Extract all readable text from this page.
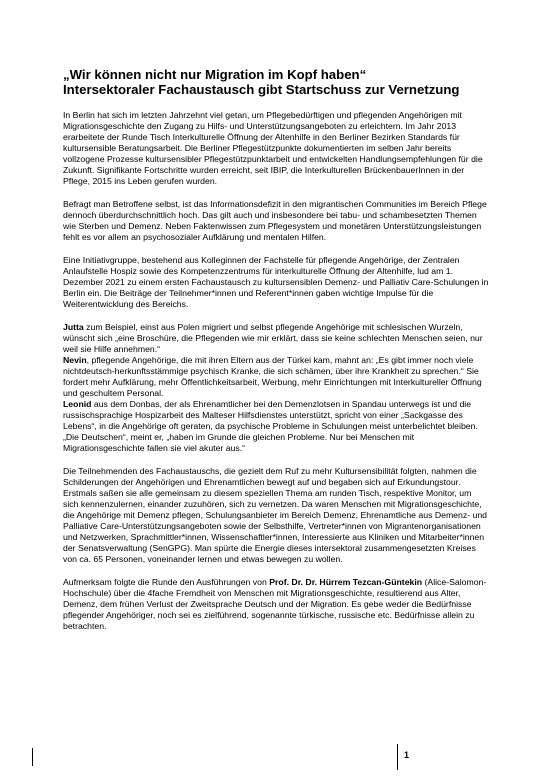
„Wir können nicht nur Migration im Kopf haben“
Intersektoraler Fachaustausch gibt Startschuss zur Vernetzung

In Berlin hat sich im letzten Jahrzehnt viel getan, um Pflegebedürftigen und pflegenden Angehörigen mit Migrationsgeschichte den Zugang zu Hilfs- und Unterstützungsangeboten zu erleichtern. Im Jahr 2013 erarbeitete der Runde Tisch Interkulturelle Öffnung der Altenhilfe in den Berliner Bezirken Standards für kultursensible Beratungsarbeit. Die Berliner Pflegestützpunkte dokumentierten im selben Jahr bereits vollzogene Prozesse kultursensibler Pflegestützpunktarbeit und entwickelten Handlungsempfehlungen für die Zukunft. Signifikante Fortschritte wurden erreicht, seit IBIP, die Interkulturellen BrückenbauerInnen in der Pflege, 2015 ins Leben gerufen wurden.

Befragt man Betroffene selbst, ist das Informationsdefizit in den migrantischen Communities im Bereich Pflege dennoch überdurchschnittlich hoch. Das gilt auch und insbesondere bei tabu- und schambesetzten Themen wie Sterben und Demenz. Neben Faktenwissen zum Pflegesystem und monetären Unterstützungsleistungen fehlt es vor allem an psychosozialer Aufklärung und mentalen Hilfen.

Eine Initiativgruppe, bestehend aus Kolleginnen der Fachstelle für pflegende Angehörige, der Zentralen Anlaufstelle Hospiz sowie des Kompetenzzentrums für interkulturelle Öffnung der Altenhilfe, lud am 1. Dezember 2021 zu einem ersten Fachaustausch zu kultursensiblen Demenz- und Palliativ Care-Schulungen in Berlin ein. Die Beiträge der Teilnehmer*innen und Referent*innen gaben wichtige Impulse für die Weiterentwicklung des Bereichs.

Jutta zum Beispiel, einst aus Polen migriert und selbst pflegende Angehörige mit schlesischen Wurzeln, wünscht sich „eine Broschüre, die Pflegenden wie mir erklärt, dass sie keine schlechten Menschen seien, nur weil sie Hilfe annehmen.“
Nevin, pflegende Angehörige, die mit ihren Eltern aus der Türkei kam, mahnt an: „Es gibt immer noch viele nichtdeutsch-herkunftsstämmige psychisch Kranke, die sich schämen, über ihre Krankheit zu sprechen.“ Sie fordert mehr Aufklärung, mehr Öffentlichkeitsarbeit, Werbung, mehr Einrichtungen mit Interkultureller Öffnung und geschultem Personal.
Leonid aus dem Donbas, der als Ehrenamtlicher bei den Demenzlotsen in Spandau unterwegs ist und die russischsprachige Hospizarbeit des Malteser Hilfsdienstes unterstützt, spricht von einer „Sackgasse des Lebens“, in die Angehörige oft geraten, da psychische Probleme in Schulungen meist unterbelichtet bleiben. „Die Deutschen“, meint er, „haben im Grunde die gleichen Probleme. Nur bei Menschen mit Migrationsgeschichte fallen sie viel akuter aus.“

Die Teilnehmenden des Fachaustauschs, die gezielt dem Ruf zu mehr Kultursensibilität folgten, nahmen die Schilderungen der Angehörigen und Ehrenamtlichen bewegt auf und begaben sich auf Erkundungstour. Erstmals saßen sie alle gemeinsam zu diesem speziellen Thema am runden Tisch, respektive Monitor, um sich kennenzulernen, einander zuzuhören, sich zu vernetzen. Da waren Menschen mit Migrationsgeschichte, die Angehörige mit Demenz pflegen, Schulungsanbieter im Bereich Demenz, Ehrenamtliche aus Demenz- und Palliative Care-Unterstützungsangeboten sowie der Selbsthilfe, Vertreter*innen von Migrantenorganisationen und Netzwerken, Sprachmittler*innen, Wissenschaftler*innen, Interessierte aus Kliniken und Mitarbeiter*innen der Senatsverwaltung (SenGPG). Man spürte die Energie dieses intersektoral zusammengesetzten Kreises von ca. 65 Personen, voneinander lernen und etwas bewegen zu wollen.

Aufmerksam folgte die Runde den Ausführungen von Prof. Dr. Dr. Hürrem Tezcan-Güntekin (Alice-Salomon-Hochschule) über die 4fache Fremdheit von Menschen mit Migrationsgeschichte, resultierend aus Alter, Demenz, dem frühen Verlust der Zweitsprache Deutsch und der Migration. Es gebe weder die Bedürfnisse pflegender Angehöriger, noch sei es zielführend, sogenannte türkische, russische etc. Bedürfnisse allein zu betrachten.

1
